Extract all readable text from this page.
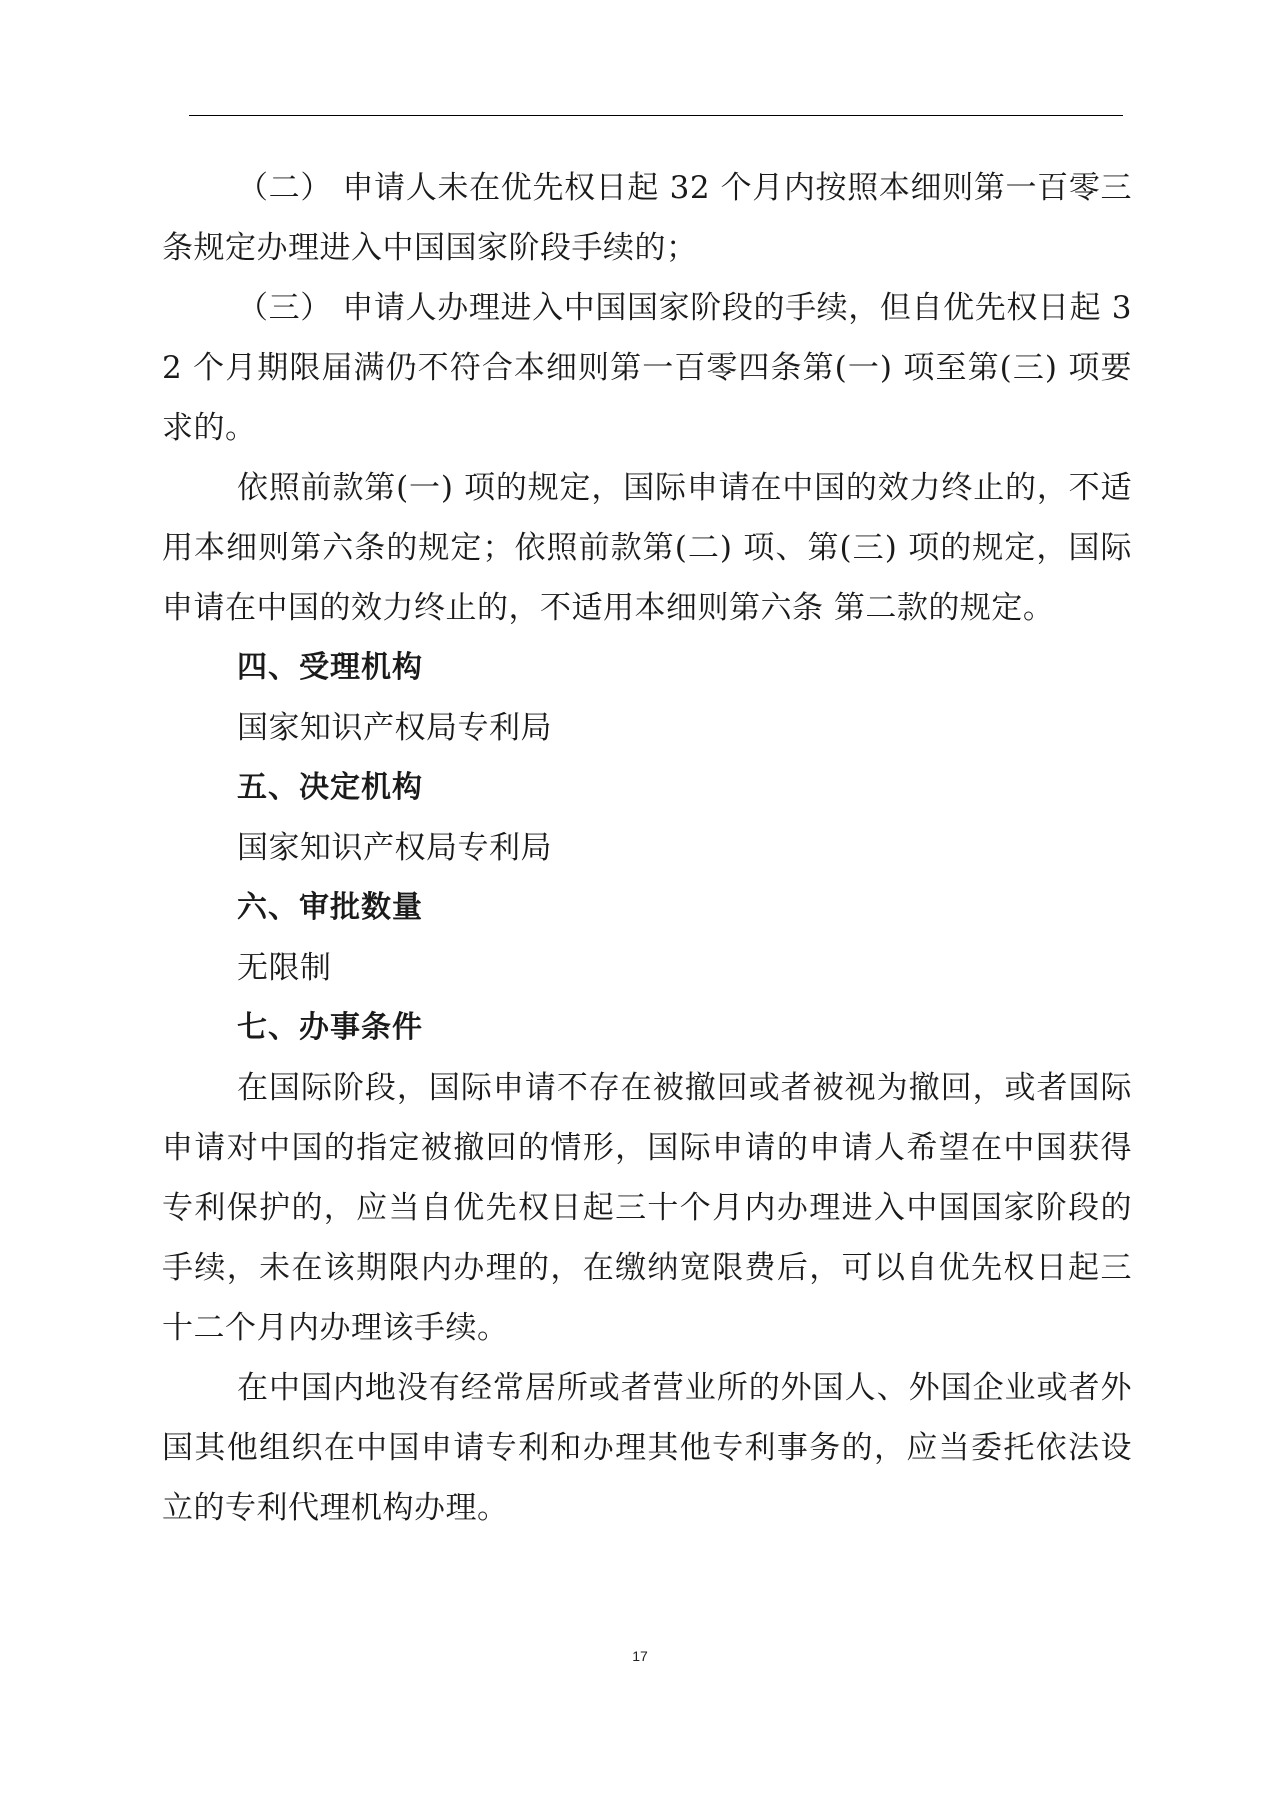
（二） 申请人未在优先权日起 32 个月内按照本细则第一百零三条规定办理进入中国国家阶段手续的；

（三） 申请人办理进入中国国家阶段的手续，但自优先权日起 32 个月期限届满仍不符合本细则第一百零四条第(一) 项至第(三) 项要求的。

依照前款第(一) 项的规定，国际申请在中国的效力终止的，不适用本细则第六条的规定；依照前款第(二) 项、第(三) 项的规定，国际申请在中国的效力终止的，不适用本细则第六条 第二款的规定。

四、受理机构

国家知识产权局专利局

五、决定机构

国家知识产权局专利局

六、审批数量

无限制

七、办事条件

在国际阶段，国际申请不存在被撤回或者被视为撤回，或者国际申请对中国的指定被撤回的情形，国际申请的申请人希望在中国获得专利保护的，应当自优先权日起三十个月内办理进入中国国家阶段的手续，未在该期限内办理的，在缴纳宽限费后，可以自优先权日起三十二个月内办理该手续。

在中国内地没有经常居所或者营业所的外国人、外国企业或者外国其他组织在中国申请专利和办理其他专利事务的，应当委托依法设立的专利代理机构办理。

17
